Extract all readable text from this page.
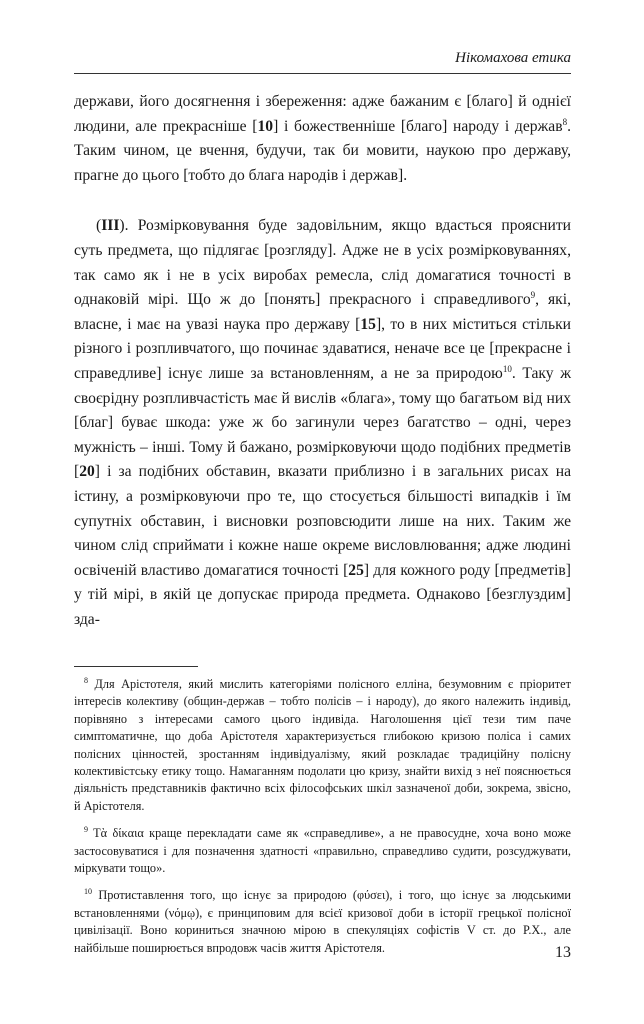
Нікомахова етика

держави, його досягнення і збереження: адже бажаним є [благо] й однієї людини, але прекрасніше [10] і божественніше [благо] народу і держав$^8$. Таким чином, це вчення, будучи, так би мовити, наукою про державу, прагне до цього [тобто до блага народів і держав].

(III). Розмірковування буде задовільним, якщо вдасться прояснити суть предмета, що підлягає [розгляду]. Адже не в усіх розмірковуваннях, так само як і не в усіх виробах ремесла, слід домагатися точності в однаковій мірі. Що ж до [понять] прекрасного і справедливого$^9$, які, власне, і має на увазі наука про державу [15], то в них міститься стільки різного і розпливчатого, що починає здаватися, неначе все це [прекрасне і справедливе] існує лише за встановленням, а не за природою$^{10}$. Таку ж своєрідну розпливчастість має й вислів «блага», тому що багатьом від них [благ] буває шкода: уже ж бо загинули через багатство – одні, через мужність – інші. Тому й бажано, розмірковуючи щодо подібних предметів [20] і за подібних обставин, вказати приблизно і в загальних рисах на істину, а розмірковуючи про те, що стосується більшості випадків і їм супутніх обставин, і висновки розповсюдити лише на них. Таким же чином слід сприймати і кожне наше окреме висловлювання; адже людині освіченій властиво домагатися точності [25] для кожного роду [предметів] у тій мірі, в якій це допускає природа предмета. Однаково [безглуздим] зда-

$^8$ Для Арістотеля, який мислить категоріями полісного елліна, безумовним є пріоритет інтересів колективу (общин-держав – тобто полісів – і народу), до якого належить індивід, порівняно з інтересами самого цього індивіда. Наголошення цієї тези тим паче симптоматичне, що доба Арістотеля характеризується глибокою кризою поліса і самих полісних цінностей, зростанням індивідуалізму, який розкладає традиційну полісну колективістську етику тощо. Намаганням подолати цю кризу, знайти вихід з неї пояснюється діяльність представників фактично всіх філософських шкіл зазначеної доби, зокрема, звісно, й Арістотеля.

$^9$ Τὰ δίκαια краще перекладати саме як «справедливе», а не правосудне, хоча воно може застосовуватися і для позначення здатності «правильно, справедливо судити, розсуджувати, міркувати тощо».

$^{10}$ Протиставлення того, що існує за природою (φύσει), і того, що існує за людськими встановленнями (νόμῳ), є принциповим для всієї кризової доби в історії грецької полісної цивілізації. Воно кориниться значною мірою в спекуляціях софістів V ст. до Р.Х., але найбільше поширюється впродовж часів життя Арістотеля.	13
